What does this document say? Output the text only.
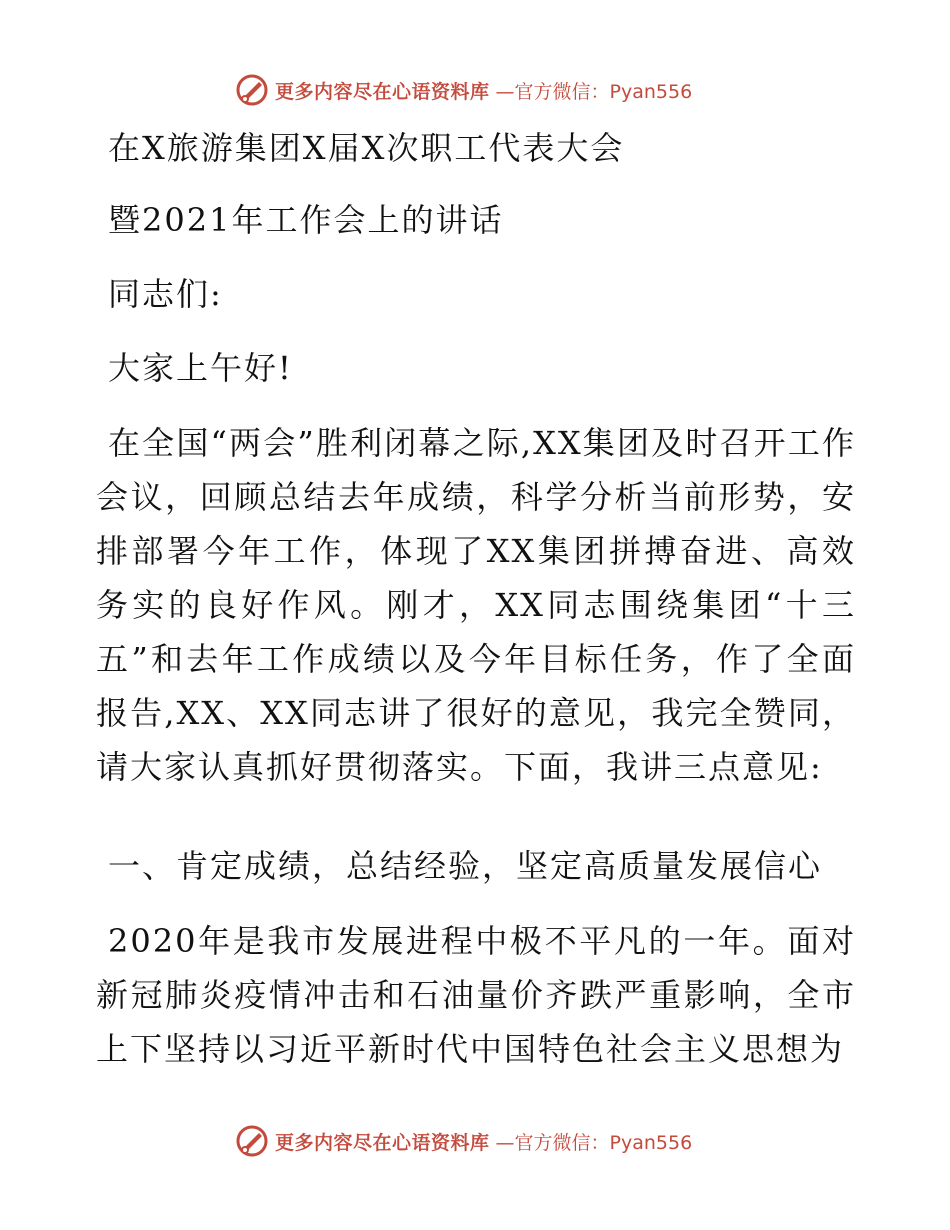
更多内容尽在心语资料库 —官方微信：Pyan556
在X旅游集团X届X次职工代表大会
暨2021年工作会上的讲话
同志们:
大家上午好!
在全国“两会”胜利闭幕之际,XX集团及时召开工作会议，回顾总结去年成绩，科学分析当前形势，安排部署今年工作，体现了XX集团拼搏奋进、高效务实的良好作风。刚才，XX同志围绕集团“十三五”和去年工作成绩以及今年目标任务，作了全面报告,XX、XX同志讲了很好的意见，我完全赞同，请大家认真抓好贯彻落实。下面，我讲三点意见:
一、肯定成绩，总结经验，坚定高质量发展信心
2020年是我市发展进程中极不平凡的一年。面对新冠肺炎疫情冲击和石油量价齐跌严重影响，全市上下坚持以习近平新时代中国特色社会主义思想为
更多内容尽在心语资料库 —官方微信：Pyan556
